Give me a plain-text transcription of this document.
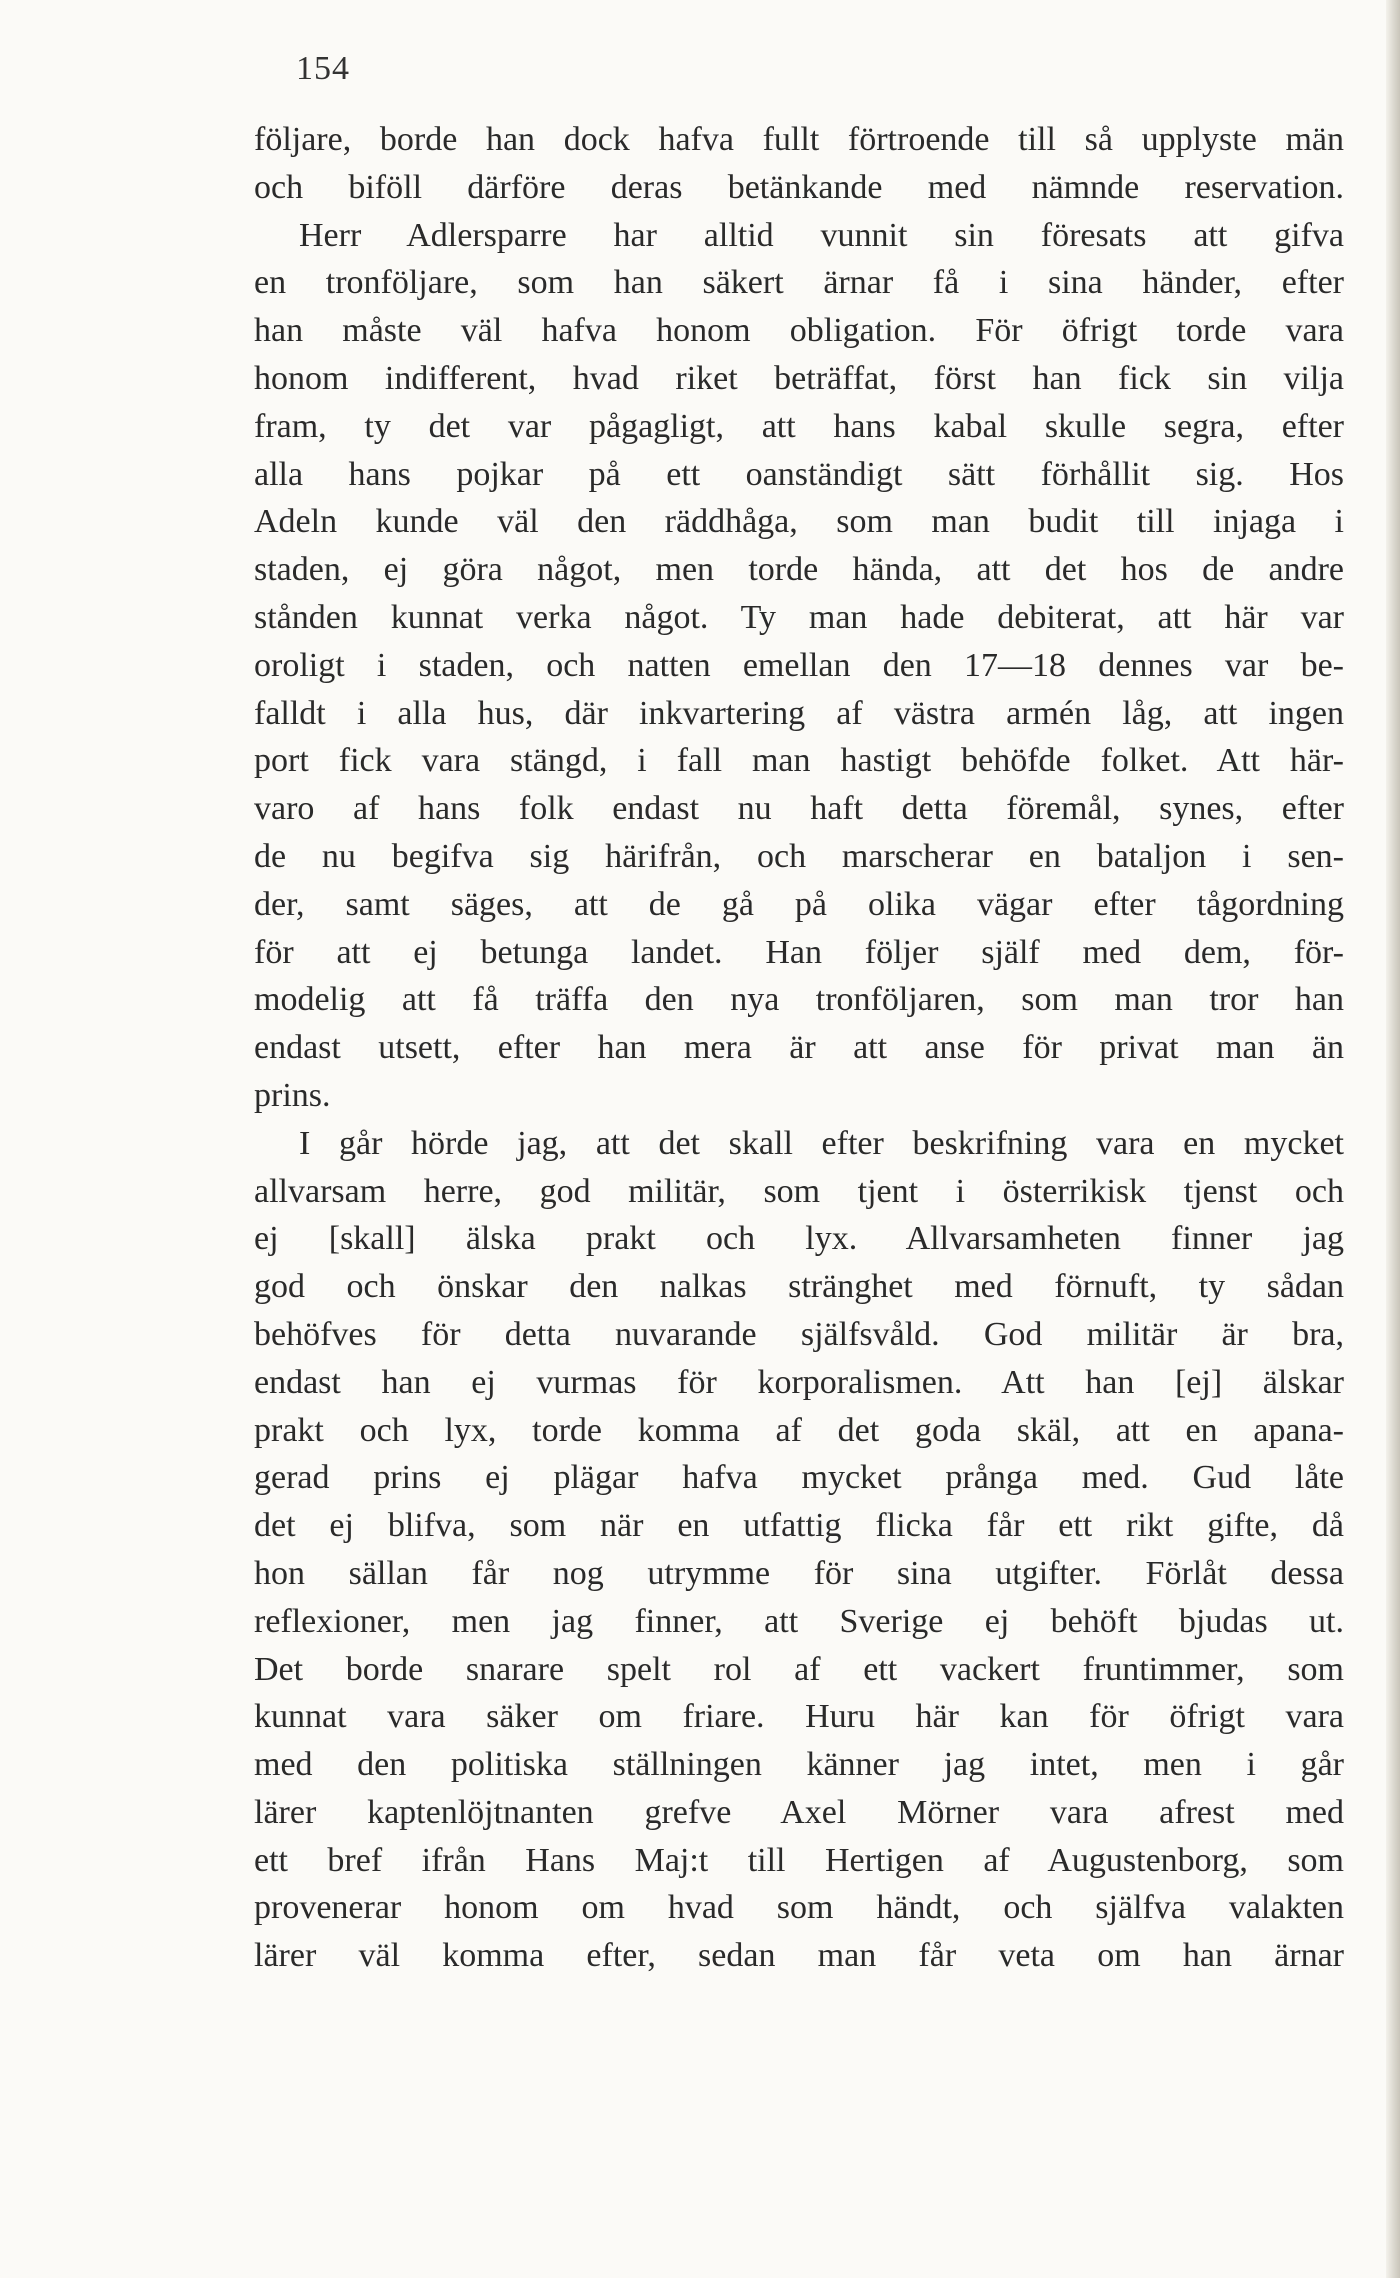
154
följare, borde han dock hafva fullt förtroende till så upplyste män
och biföll därföre deras betänkande med nämnde reservation.
Herr Adlersparre har alltid vunnit sin föresats att gifva
en tronföljare, som han säkert ärnar få i sina händer, efter
han måste väl hafva honom obligation. För öfrigt torde vara
honom indifferent, hvad riket beträffat, först han fick sin vilja
fram, ty det var pågagligt, att hans kabal skulle segra, efter
alla hans pojkar på ett oanständigt sätt förhållit sig. Hos
Adeln kunde väl den räddhåga, som man budit till injaga i
staden, ej göra något, men torde hända, att det hos de andre
stånden kunnat verka något. Ty man hade debiterat, att här var
oroligt i staden, och natten emellan den 17—18 dennes var be-
falldt i alla hus, där inkvartering af västra armén låg, att ingen
port fick vara stängd, i fall man hastigt behöfde folket. Att här-
varo af hans folk endast nu haft detta föremål, synes, efter
de nu begifva sig härifrån, och marscherar en bataljon i sen-
der, samt säges, att de gå på olika vägar efter tågordning
för att ej betunga landet. Han följer själf med dem, för-
modelig att få träffa den nya tronföljaren, som man tror han
endast utsett, efter han mera är att anse för privat man än
prins.
I går hörde jag, att det skall efter beskrifning vara en mycket
allvarsam herre, god militär, som tjent i österrikisk tjenst och
ej [skall] älska prakt och lyx. Allvarsamheten finner jag
god och önskar den nalkas stränghet med förnuft, ty sådan
behöfves för detta nuvarande själfsvåld. God militär är bra,
endast han ej vurmas för korporalismen. Att han [ej] älskar
prakt och lyx, torde komma af det goda skäl, att en apana-
gerad prins ej plägar hafva mycket prånga med. Gud låte
det ej blifva, som när en utfattig flicka får ett rikt gifte, då
hon sällan får nog utrymme för sina utgifter. Förlåt dessa
reflexioner, men jag finner, att Sverige ej behöft bjudas ut.
Det borde snarare spelt rol af ett vackert fruntimmer, som
kunnat vara säker om friare. Huru här kan för öfrigt vara
med den politiska ställningen känner jag intet, men i går
lärer kaptenlöjtnanten grefve Axel Mörner vara afrest med
ett bref ifrån Hans Maj:t till Hertigen af Augustenborg, som
provenerar honom om hvad som händt, och själfva valakten
lärer väl komma efter, sedan man får veta om han ärnar
